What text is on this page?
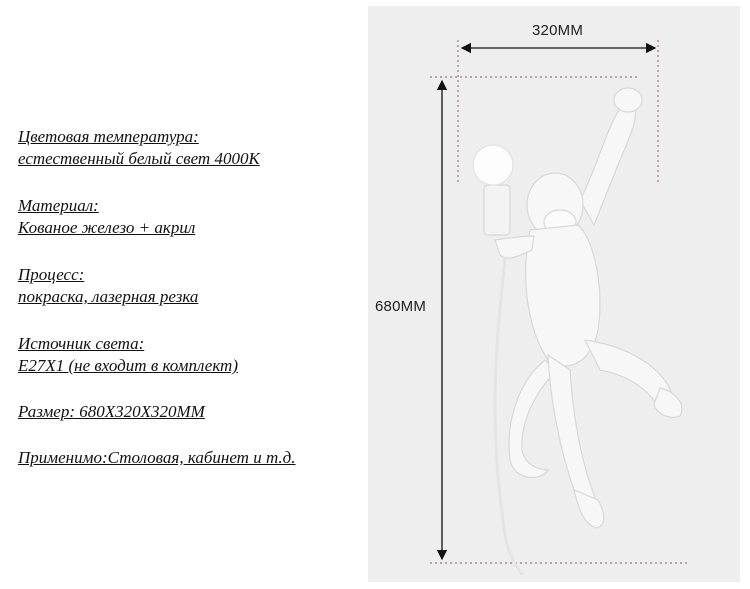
Цветовая температура:
естественный белый свет 4000K
Материал:
Кованое железо + акрил
Процесс:
покраска, лазерная резка
Источник света:
E27X1 (не входит в комплект)
Размер: 680X320X320MM
Применимо:Столовая, кабинет и т.д.
320MM
680MM
